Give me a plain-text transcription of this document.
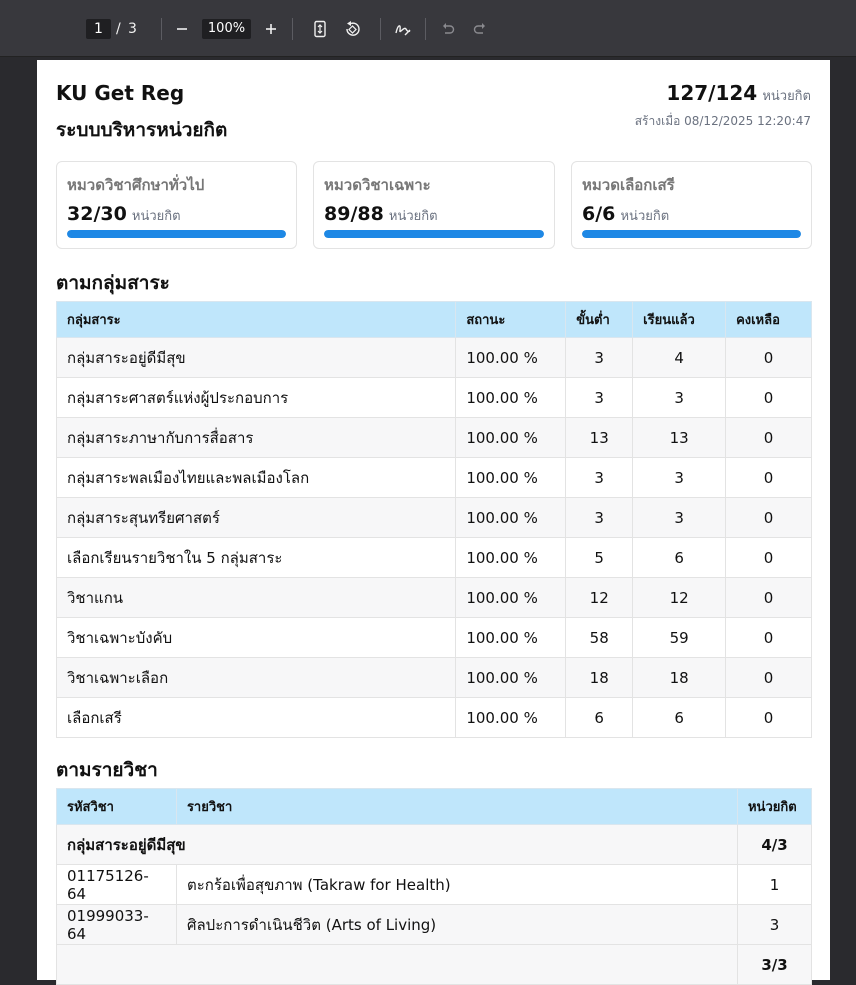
1 / 3	100%
KU Get Reg
ระบบบริหารหน่วยกิต
127/124 หน่วยกิต
สร้างเมื่อ 08/12/2025 12:20:47
หมวดวิชาศึกษาทั่วไป
32/30 หน่วยกิต
หมวดวิชาเฉพาะ
89/88 หน่วยกิต
หมวดเลือกเสรี
6/6 หน่วยกิต
ตามกลุ่มสาระ
กลุ่มสาระ	สถานะ	ขั้นต่ำ	เรียนแล้ว	คงเหลือ
กลุ่มสาระอยู่ดีมีสุข	100.00 %	3	4	0
กลุ่มสาระศาสตร์แห่งผู้ประกอบการ	100.00 %	3	3	0
กลุ่มสาระภาษากับการสื่อสาร	100.00 %	13	13	0
กลุ่มสาระพลเมืองไทยและพลเมืองโลก	100.00 %	3	3	0
กลุ่มสาระสุนทรียศาสตร์	100.00 %	3	3	0
เลือกเรียนรายวิชาใน 5 กลุ่มสาระ	100.00 %	5	6	0
วิชาแกน	100.00 %	12	12	0
วิชาเฉพาะบังคับ	100.00 %	58	59	0
วิชาเฉพาะเลือก	100.00 %	18	18	0
เลือกเสรี	100.00 %	6	6	0
ตามรายวิชา
รหัสวิชา	รายวิชา	หน่วยกิต
กลุ่มสาระอยู่ดีมีสุข		4/3
01175126-64	ตะกร้อเพื่อสุขภาพ (Takraw for Health)	1
01999033-64	ศิลปะการดำเนินชีวิต (Arts of Living)	3
		3/3
